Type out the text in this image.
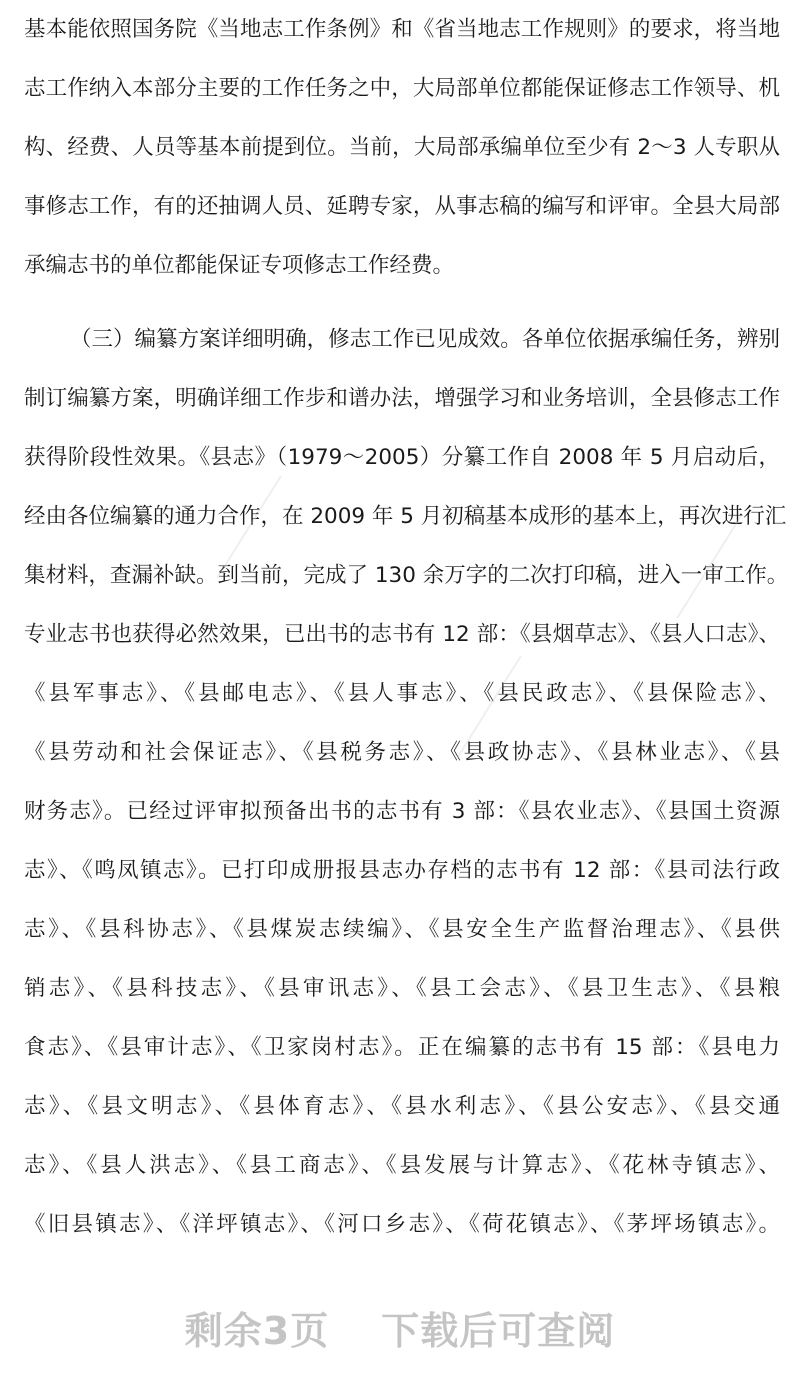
基本能依照国务院《当地志工作条例》和《省当地志工作规则》的要求，将当地
志工作纳入本部分主要的工作任务之中，大局部单位都能保证修志工作领导、机
构、经费、人员等基本前提到位。当前，大局部承编单位至少有 2～3 人专职从
事修志工作，有的还抽调人员、延聘专家，从事志稿的编写和评审。全县大局部
承编志书的单位都能保证专项修志工作经费。
（三）编纂方案详细明确，修志工作已见成效。各单位依据承编任务，辨别
制订编纂方案，明确详细工作步和谱办法，增强学习和业务培训，全县修志工作
获得阶段性效果。《县志》（1979～2005）分纂工作自 2008 年 5 月启动后，
经由各位编纂的通力合作，在 2009 年 5 月初稿基本成形的基本上，再次进行汇
集材料，查漏补缺。到当前，完成了 130 余万字的二次打印稿，进入一审工作。
专业志书也获得必然效果，已出书的志书有 12 部：《县烟草志》、《县人口志》、
《县军事志》、《县邮电志》、《县人事志》、《县民政志》、《县保险志》、
《县劳动和社会保证志》、《县税务志》、《县政协志》、《县林业志》、《县
财务志》。已经过评审拟预备出书的志书有 3 部：《县农业志》、《县国土资源
志》、《鸣凤镇志》。已打印成册报县志办存档的志书有 12 部：《县司法行政
志》、《县科协志》、《县煤炭志续编》、《县安全生产监督治理志》、《县供
销志》、《县科技志》、《县审讯志》、《县工会志》、《县卫生志》、《县粮
食志》、《县审计志》、《卫家岗村志》。正在编纂的志书有 15 部：《县电力
志》、《县文明志》、《县体育志》、《县水利志》、《县公安志》、《县交通
志》、《县人洪志》、《县工商志》、《县发展与计算志》、《花林寺镇志》、
《旧县镇志》、《洋坪镇志》、《河口乡志》、《荷花镇志》、《茅坪场镇志》。
剩余3页 下载后可查阅
